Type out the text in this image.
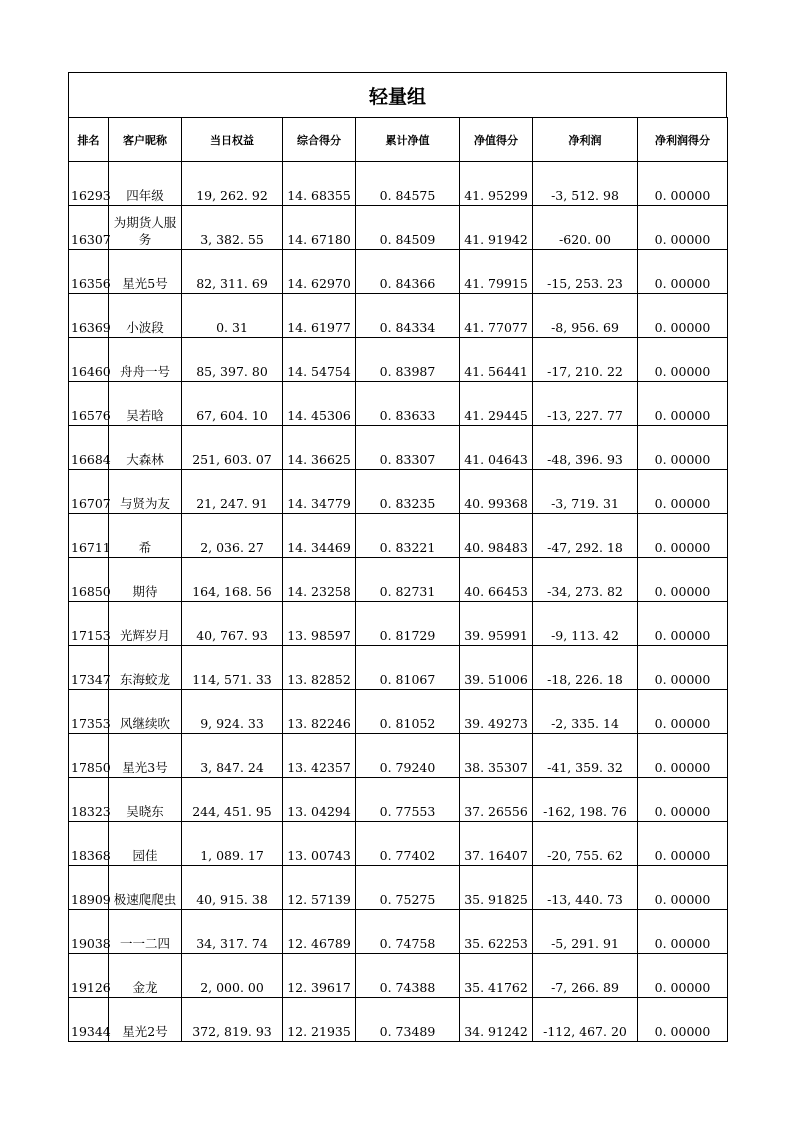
轻量组
排名	客户昵称	当日权益	综合得分	累计净值	净值得分	净利润	净利润得分
16293	四年级	19, 262. 92	14. 68355	0. 84575	41. 95299	-3, 512. 98	0. 00000
16307	为期货人服务	3, 382. 55	14. 67180	0. 84509	41. 91942	-620. 00	0. 00000
16356	星光5号	82, 311. 69	14. 62970	0. 84366	41. 79915	-15, 253. 23	0. 00000
16369	小波段	0. 31	14. 61977	0. 84334	41. 77077	-8, 956. 69	0. 00000
16460	舟舟一号	85, 397. 80	14. 54754	0. 83987	41. 56441	-17, 210. 22	0. 00000
16576	吴若晗	67, 604. 10	14. 45306	0. 83633	41. 29445	-13, 227. 77	0. 00000
16684	大森林	251, 603. 07	14. 36625	0. 83307	41. 04643	-48, 396. 93	0. 00000
16707	与贤为友	21, 247. 91	14. 34779	0. 83235	40. 99368	-3, 719. 31	0. 00000
16711	希	2, 036. 27	14. 34469	0. 83221	40. 98483	-47, 292. 18	0. 00000
16850	期待	164, 168. 56	14. 23258	0. 82731	40. 66453	-34, 273. 82	0. 00000
17153	光辉岁月	40, 767. 93	13. 98597	0. 81729	39. 95991	-9, 113. 42	0. 00000
17347	东海蛟龙	114, 571. 33	13. 82852	0. 81067	39. 51006	-18, 226. 18	0. 00000
17353	风继续吹	9, 924. 33	13. 82246	0. 81052	39. 49273	-2, 335. 14	0. 00000
17850	星光3号	3, 847. 24	13. 42357	0. 79240	38. 35307	-41, 359. 32	0. 00000
18323	吴晓东	244, 451. 95	13. 04294	0. 77553	37. 26556	-162, 198. 76	0. 00000
18368	园佳	1, 089. 17	13. 00743	0. 77402	37. 16407	-20, 755. 62	0. 00000
18909	极速爬爬虫	40, 915. 38	12. 57139	0. 75275	35. 91825	-13, 440. 73	0. 00000
19038	一一二四	34, 317. 74	12. 46789	0. 74758	35. 62253	-5, 291. 91	0. 00000
19126	金龙	2, 000. 00	12. 39617	0. 74388	35. 41762	-7, 266. 89	0. 00000
19344	星光2号	372, 819. 93	12. 21935	0. 73489	34. 91242	-112, 467. 20	0. 00000
